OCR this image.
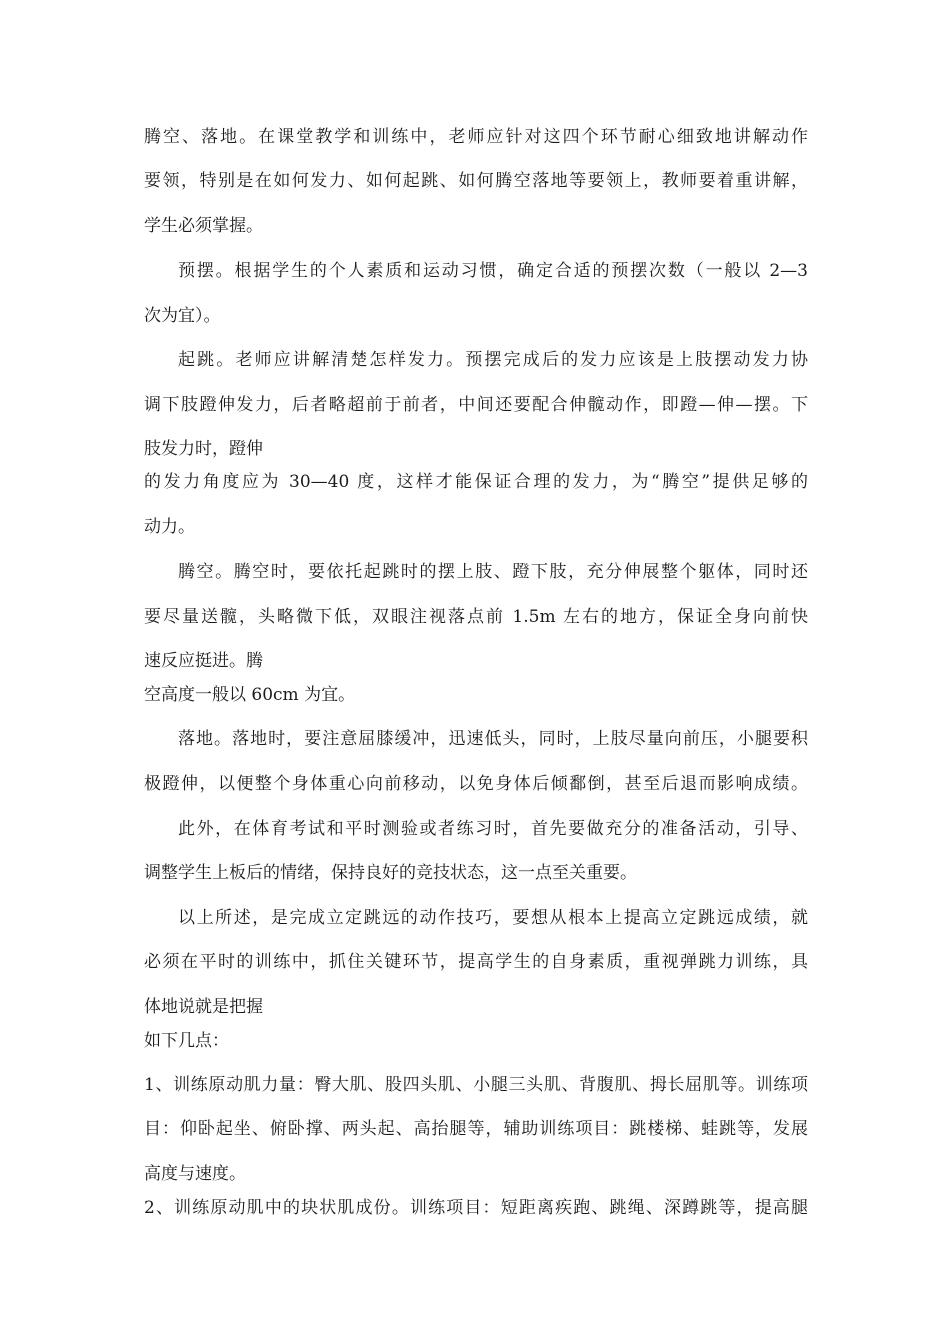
腾空、落地。在课堂教学和训练中，老师应针对这四个环节耐心细致地讲解动作
要领，特别是在如何发力、如何起跳、如何腾空落地等要领上，教师要着重讲解，
学生必须掌握。
预摆。根据学生的个人素质和运动习惯，确定合适的预摆次数（一般以 2—3
次为宜）。
起跳。老师应讲解清楚怎样发力。预摆完成后的发力应该是上肢摆动发力协
调下肢蹬伸发力，后者略超前于前者，中间还要配合伸髋动作，即蹬—伸—摆。下
肢发力时，蹬伸
的发力角度应为 30—40 度，这样才能保证合理的发力，为“腾空”提供足够的
动力。
腾空。腾空时，要依托起跳时的摆上肢、蹬下肢，充分伸展整个躯体，同时还
要尽量送髋，头略微下低，双眼注视落点前 1.5m 左右的地方，保证全身向前快
速反应挺进。腾
空高度一般以 60cm 为宜。
落地。落地时，要注意屈膝缓冲，迅速低头，同时，上肢尽量向前压，小腿要积
极蹬伸，以便整个身体重心向前移动，以免身体后倾鄱倒，甚至后退而影响成绩。
此外，在体育考试和平时测验或者练习时，首先要做充分的准备活动，引导、
调整学生上板后的情绪，保持良好的竞技状态，这一点至关重要。
以上所述，是完成立定跳远的动作技巧，要想从根本上提高立定跳远成绩，就
必须在平时的训练中，抓住关键环节，提高学生的自身素质，重视弹跳力训练，具
体地说就是把握
如下几点：
1、训练原动肌力量：臀大肌、股四头肌、小腿三头肌、背腹肌、拇长屈肌等。训练项
目：仰卧起坐、俯卧撑、两头起、高抬腿等，辅助训练项目：跳楼梯、蛙跳等，发展
高度与速度。
2、训练原动肌中的块状肌成份。训练项目：短距离疾跑、跳绳、深蹲跳等，提高腿
